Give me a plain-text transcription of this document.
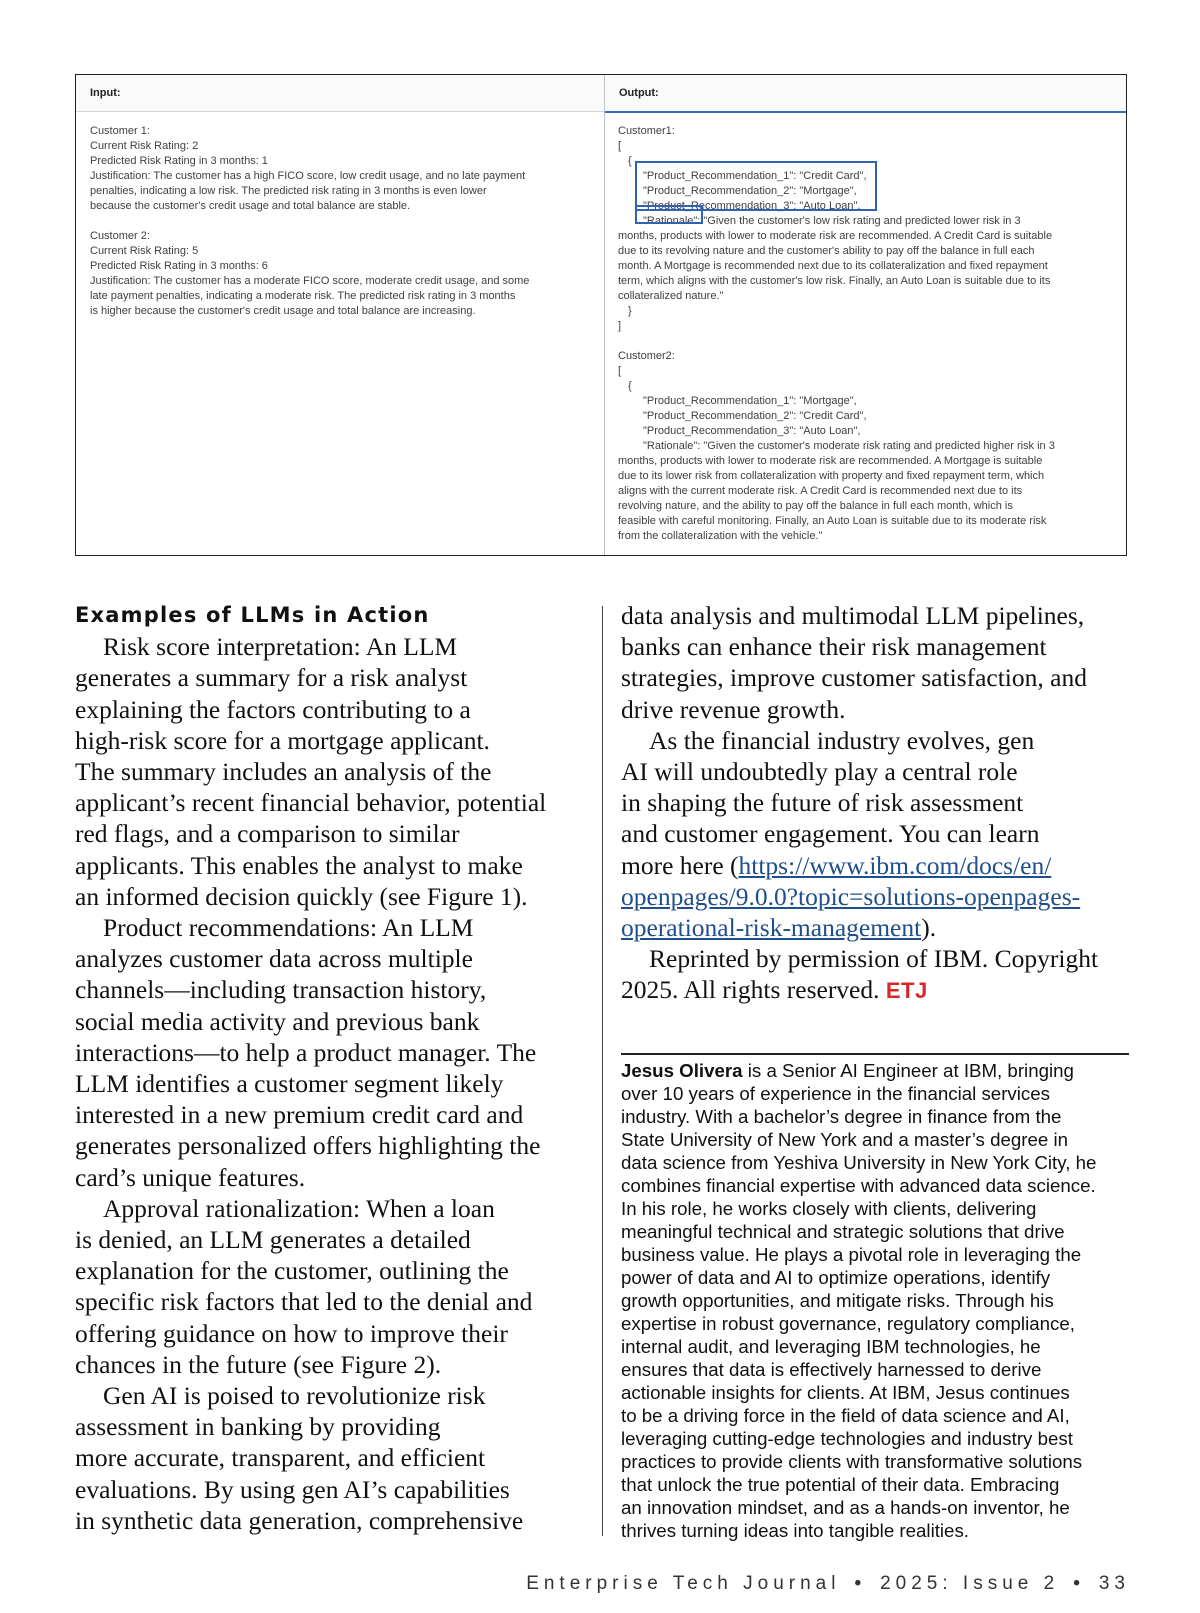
Input:
Customer 1:
Current Risk Rating: 2
Predicted Risk Rating in 3 months: 1
Justification: The customer has a high FICO score, low credit usage, and no late payment
penalties, indicating a low risk. The predicted risk rating in 3 months is even lower
because the customer's credit usage and total balance are stable.
Customer 2:
Current Risk Rating: 5
Predicted Risk Rating in 3 months: 6
Justification: The customer has a moderate FICO score, moderate credit usage, and some
late payment penalties, indicating a moderate risk. The predicted risk rating in 3 months
is higher because the customer's credit usage and total balance are increasing.
Output:
Customer1:
[
{
"Product_Recommendation_1": "Credit Card",
"Product_Recommendation_2": "Mortgage",
"Product_Recommendation_3": "Auto Loan",
"Rationale": "Given the customer's low risk rating and predicted lower risk in 3
months, products with lower to moderate risk are recommended. A Credit Card is suitable
due to its revolving nature and the customer's ability to pay off the balance in full each
month. A Mortgage is recommended next due to its collateralization and fixed repayment
term, which aligns with the customer's low risk. Finally, an Auto Loan is suitable due to its
collateralized nature."
}
]
Customer2:
[
{
"Product_Recommendation_1": "Mortgage",
"Product_Recommendation_2": "Credit Card",
"Product_Recommendation_3": "Auto Loan",
"Rationale": "Given the customer's moderate risk rating and predicted higher risk in 3
months, products with lower to moderate risk are recommended. A Mortgage is suitable
due to its lower risk from collateralization with property and fixed repayment term, which
aligns with the current moderate risk. A Credit Card is recommended next due to its
revolving nature, and the ability to pay off the balance in full each month, which is
feasible with careful monitoring. Finally, an Auto Loan is suitable due to its moderate risk
from the collateralization with the vehicle."
Examples of LLMs in Action
Risk score interpretation: An LLM
generates a summary for a risk analyst
explaining the factors contributing to a
high-risk score for a mortgage applicant.
The summary includes an analysis of the
applicant’s recent financial behavior, potential
red flags, and a comparison to similar
applicants. This enables the analyst to make
an informed decision quickly (see Figure 1).
Product recommendations: An LLM
analyzes customer data across multiple
channels—including transaction history,
social media activity and previous bank
interactions—to help a product manager. The
LLM identifies a customer segment likely
interested in a new premium credit card and
generates personalized offers highlighting the
card’s unique features.
Approval rationalization: When a loan
is denied, an LLM generates a detailed
explanation for the customer, outlining the
specific risk factors that led to the denial and
offering guidance on how to improve their
chances in the future (see Figure 2).
Gen AI is poised to revolutionize risk
assessment in banking by providing
more accurate, transparent, and efficient
evaluations. By using gen AI’s capabilities
in synthetic data generation, comprehensive
data analysis and multimodal LLM pipelines,
banks can enhance their risk management
strategies, improve customer satisfaction, and
drive revenue growth.
As the financial industry evolves, gen
AI will undoubtedly play a central role
in shaping the future of risk assessment
and customer engagement. You can learn
more here (https://www.ibm.com/docs/en/
openpages/9.0.0?topic=solutions-openpages-
operational-risk-management).
Reprinted by permission of IBM. Copyright
2025. All rights reserved. ETJ
Jesus Olivera is a Senior AI Engineer at IBM, bringing
over 10 years of experience in the financial services
industry. With a bachelor’s degree in finance from the
State University of New York and a master’s degree in
data science from Yeshiva University in New York City, he
combines financial expertise with advanced data science.
In his role, he works closely with clients, delivering
meaningful technical and strategic solutions that drive
business value. He plays a pivotal role in leveraging the
power of data and AI to optimize operations, identify
growth opportunities, and mitigate risks. Through his
expertise in robust governance, regulatory compliance,
internal audit, and leveraging IBM technologies, he
ensures that data is effectively harnessed to derive
actionable insights for clients. At IBM, Jesus continues
to be a driving force in the field of data science and AI,
leveraging cutting-edge technologies and industry best
practices to provide clients with transformative solutions
that unlock the true potential of their data. Embracing
an innovation mindset, and as a hands-on inventor, he
thrives turning ideas into tangible realities.
Enterprise Tech Journal • 2025: Issue 2 • 33
